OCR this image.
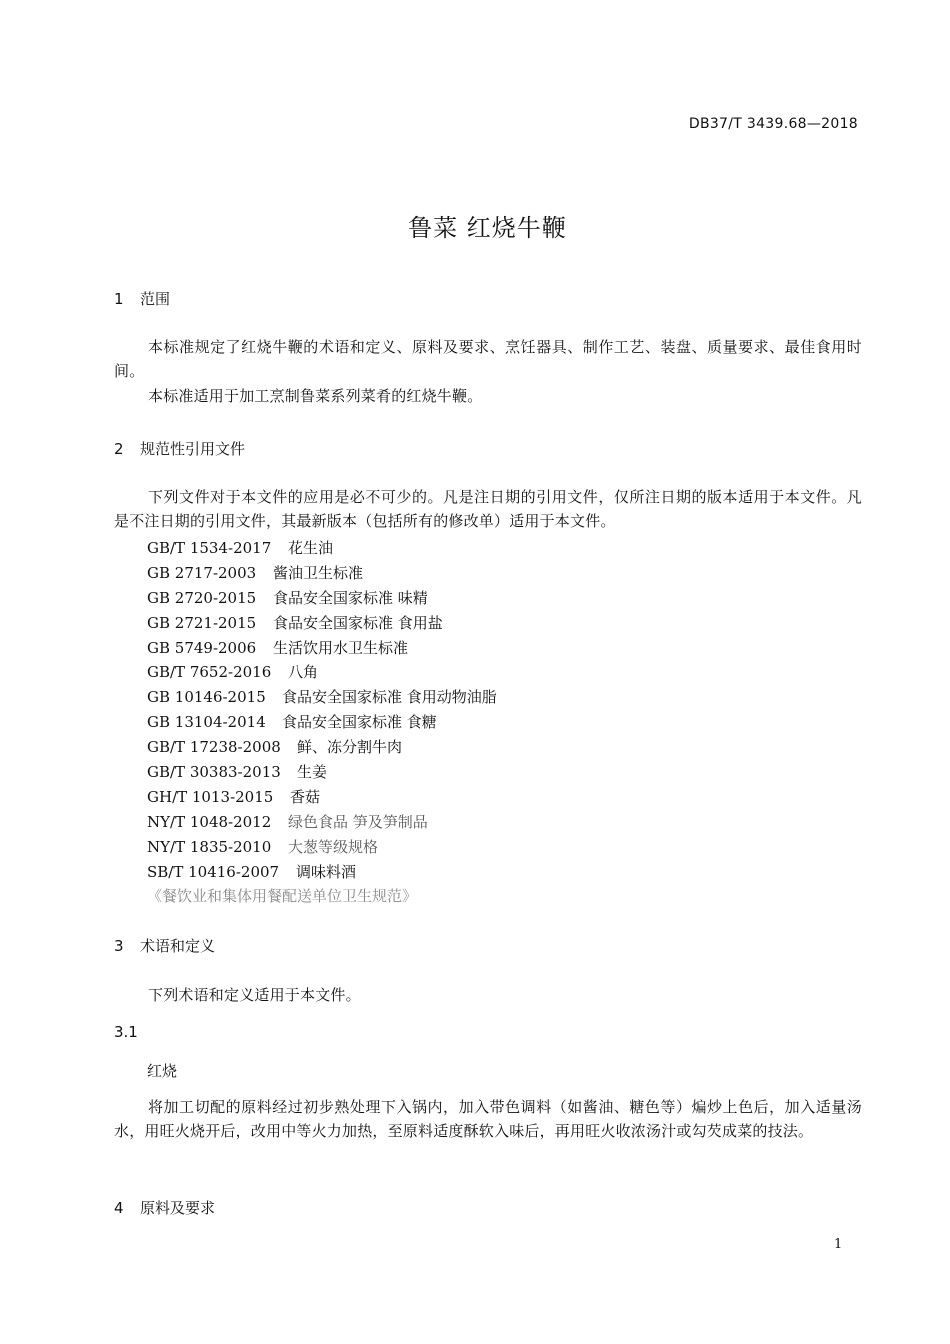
DB37/T 3439.68—2018
鲁菜 红烧牛鞭
1 范围
本标准规定了红烧牛鞭的术语和定义、原料及要求、烹饪器具、制作工艺、装盘、质量要求、最佳食用时间。
本标准适用于加工烹制鲁菜系列菜肴的红烧牛鞭。
2 规范性引用文件
下列文件对于本文件的应用是必不可少的。凡是注日期的引用文件，仅所注日期的版本适用于本文件。凡是不注日期的引用文件，其最新版本（包括所有的修改单）适用于本文件。
GB/T 1534-2017 花生油
GB 2717-2003 酱油卫生标准
GB 2720-2015 食品安全国家标准 味精
GB 2721-2015 食品安全国家标准 食用盐
GB 5749-2006 生活饮用水卫生标准
GB/T 7652-2016 八角
GB 10146-2015 食品安全国家标准 食用动物油脂
GB 13104-2014 食品安全国家标准 食糖
GB/T 17238-2008 鲜、冻分割牛肉
GB/T 30383-2013 生姜
GH/T 1013-2015 香菇
NY/T 1048-2012 绿色食品 笋及笋制品
NY/T 1835-2010 大葱等级规格
SB/T 10416-2007 调味料酒
《餐饮业和集体用餐配送单位卫生规范》
3 术语和定义
下列术语和定义适用于本文件。
3.1
红烧
将加工切配的原料经过初步熟处理下入锅内，加入带色调料（如酱油、糖色等）煸炒上色后，加入适量汤水，用旺火烧开后，改用中等火力加热，至原料适度酥软入味后，再用旺火收浓汤汁或勾芡成菜的技法。
4 原料及要求
1
